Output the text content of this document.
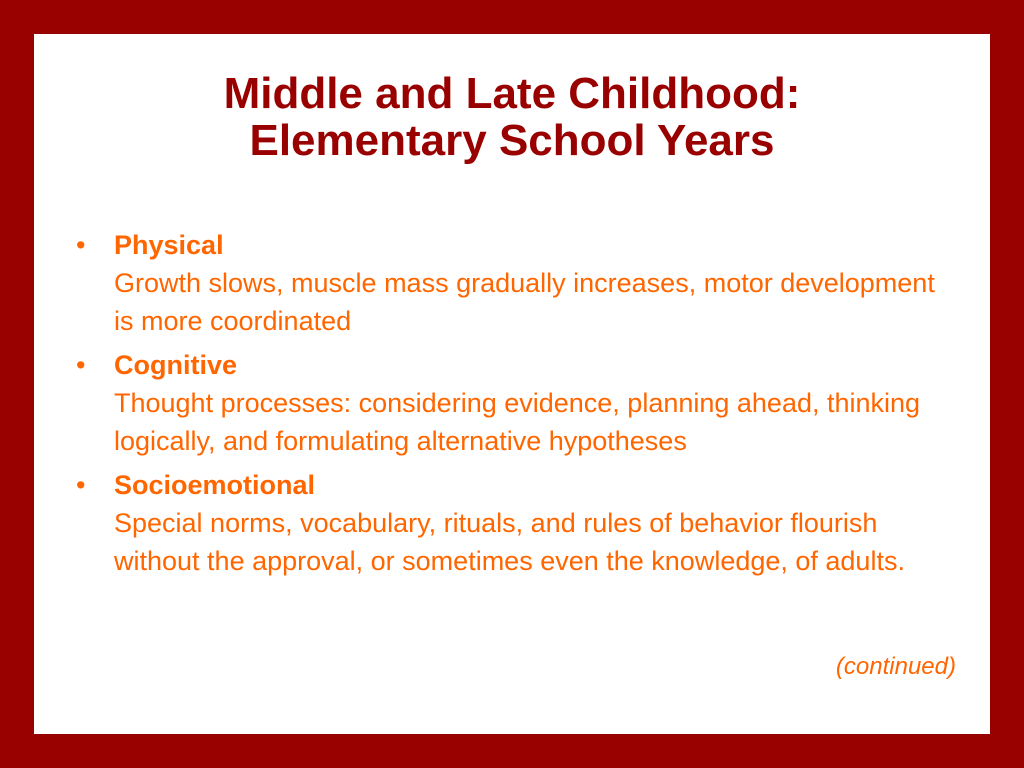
Middle and Late Childhood:
Elementary School Years
• Physical
Growth slows, muscle mass gradually increases, motor development is more coordinated
• Cognitive
Thought processes: considering evidence, planning ahead, thinking logically, and formulating alternative hypotheses
• Socioemotional
Special norms, vocabulary, rituals, and rules of behavior flourish without the approval, or sometimes even the knowledge, of adults.
(continued)
